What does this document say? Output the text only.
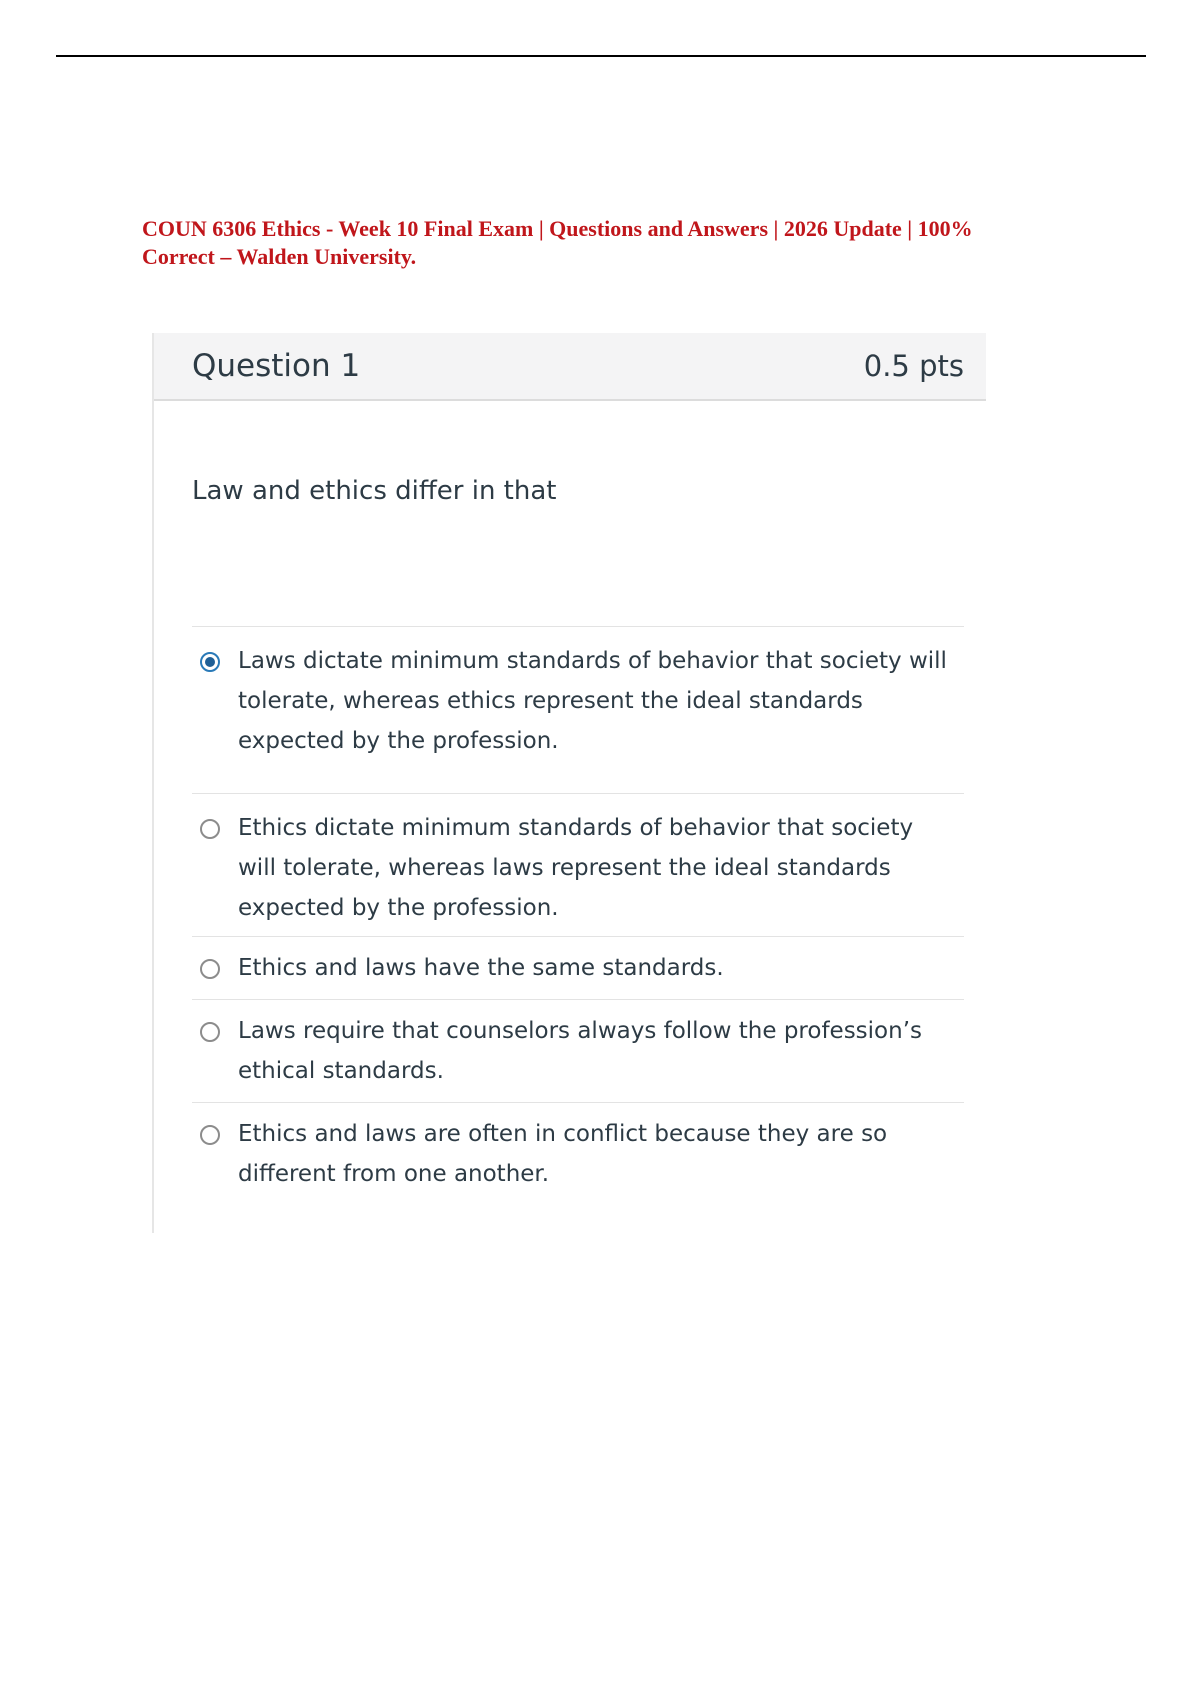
COUN 6306 Ethics - Week 10 Final Exam | Questions and Answers | 2026 Update | 100% Correct – Walden University.
Question 1	0.5 pts
Law and ethics differ in that
Laws dictate minimum standards of behavior that society will tolerate, whereas ethics represent the ideal standards expected by the profession.
Ethics dictate minimum standards of behavior that society will tolerate, whereas laws represent the ideal standards expected by the profession.
Ethics and laws have the same standards.
Laws require that counselors always follow the profession’s ethical standards.
Ethics and laws are often in conflict because they are so different from one another.
